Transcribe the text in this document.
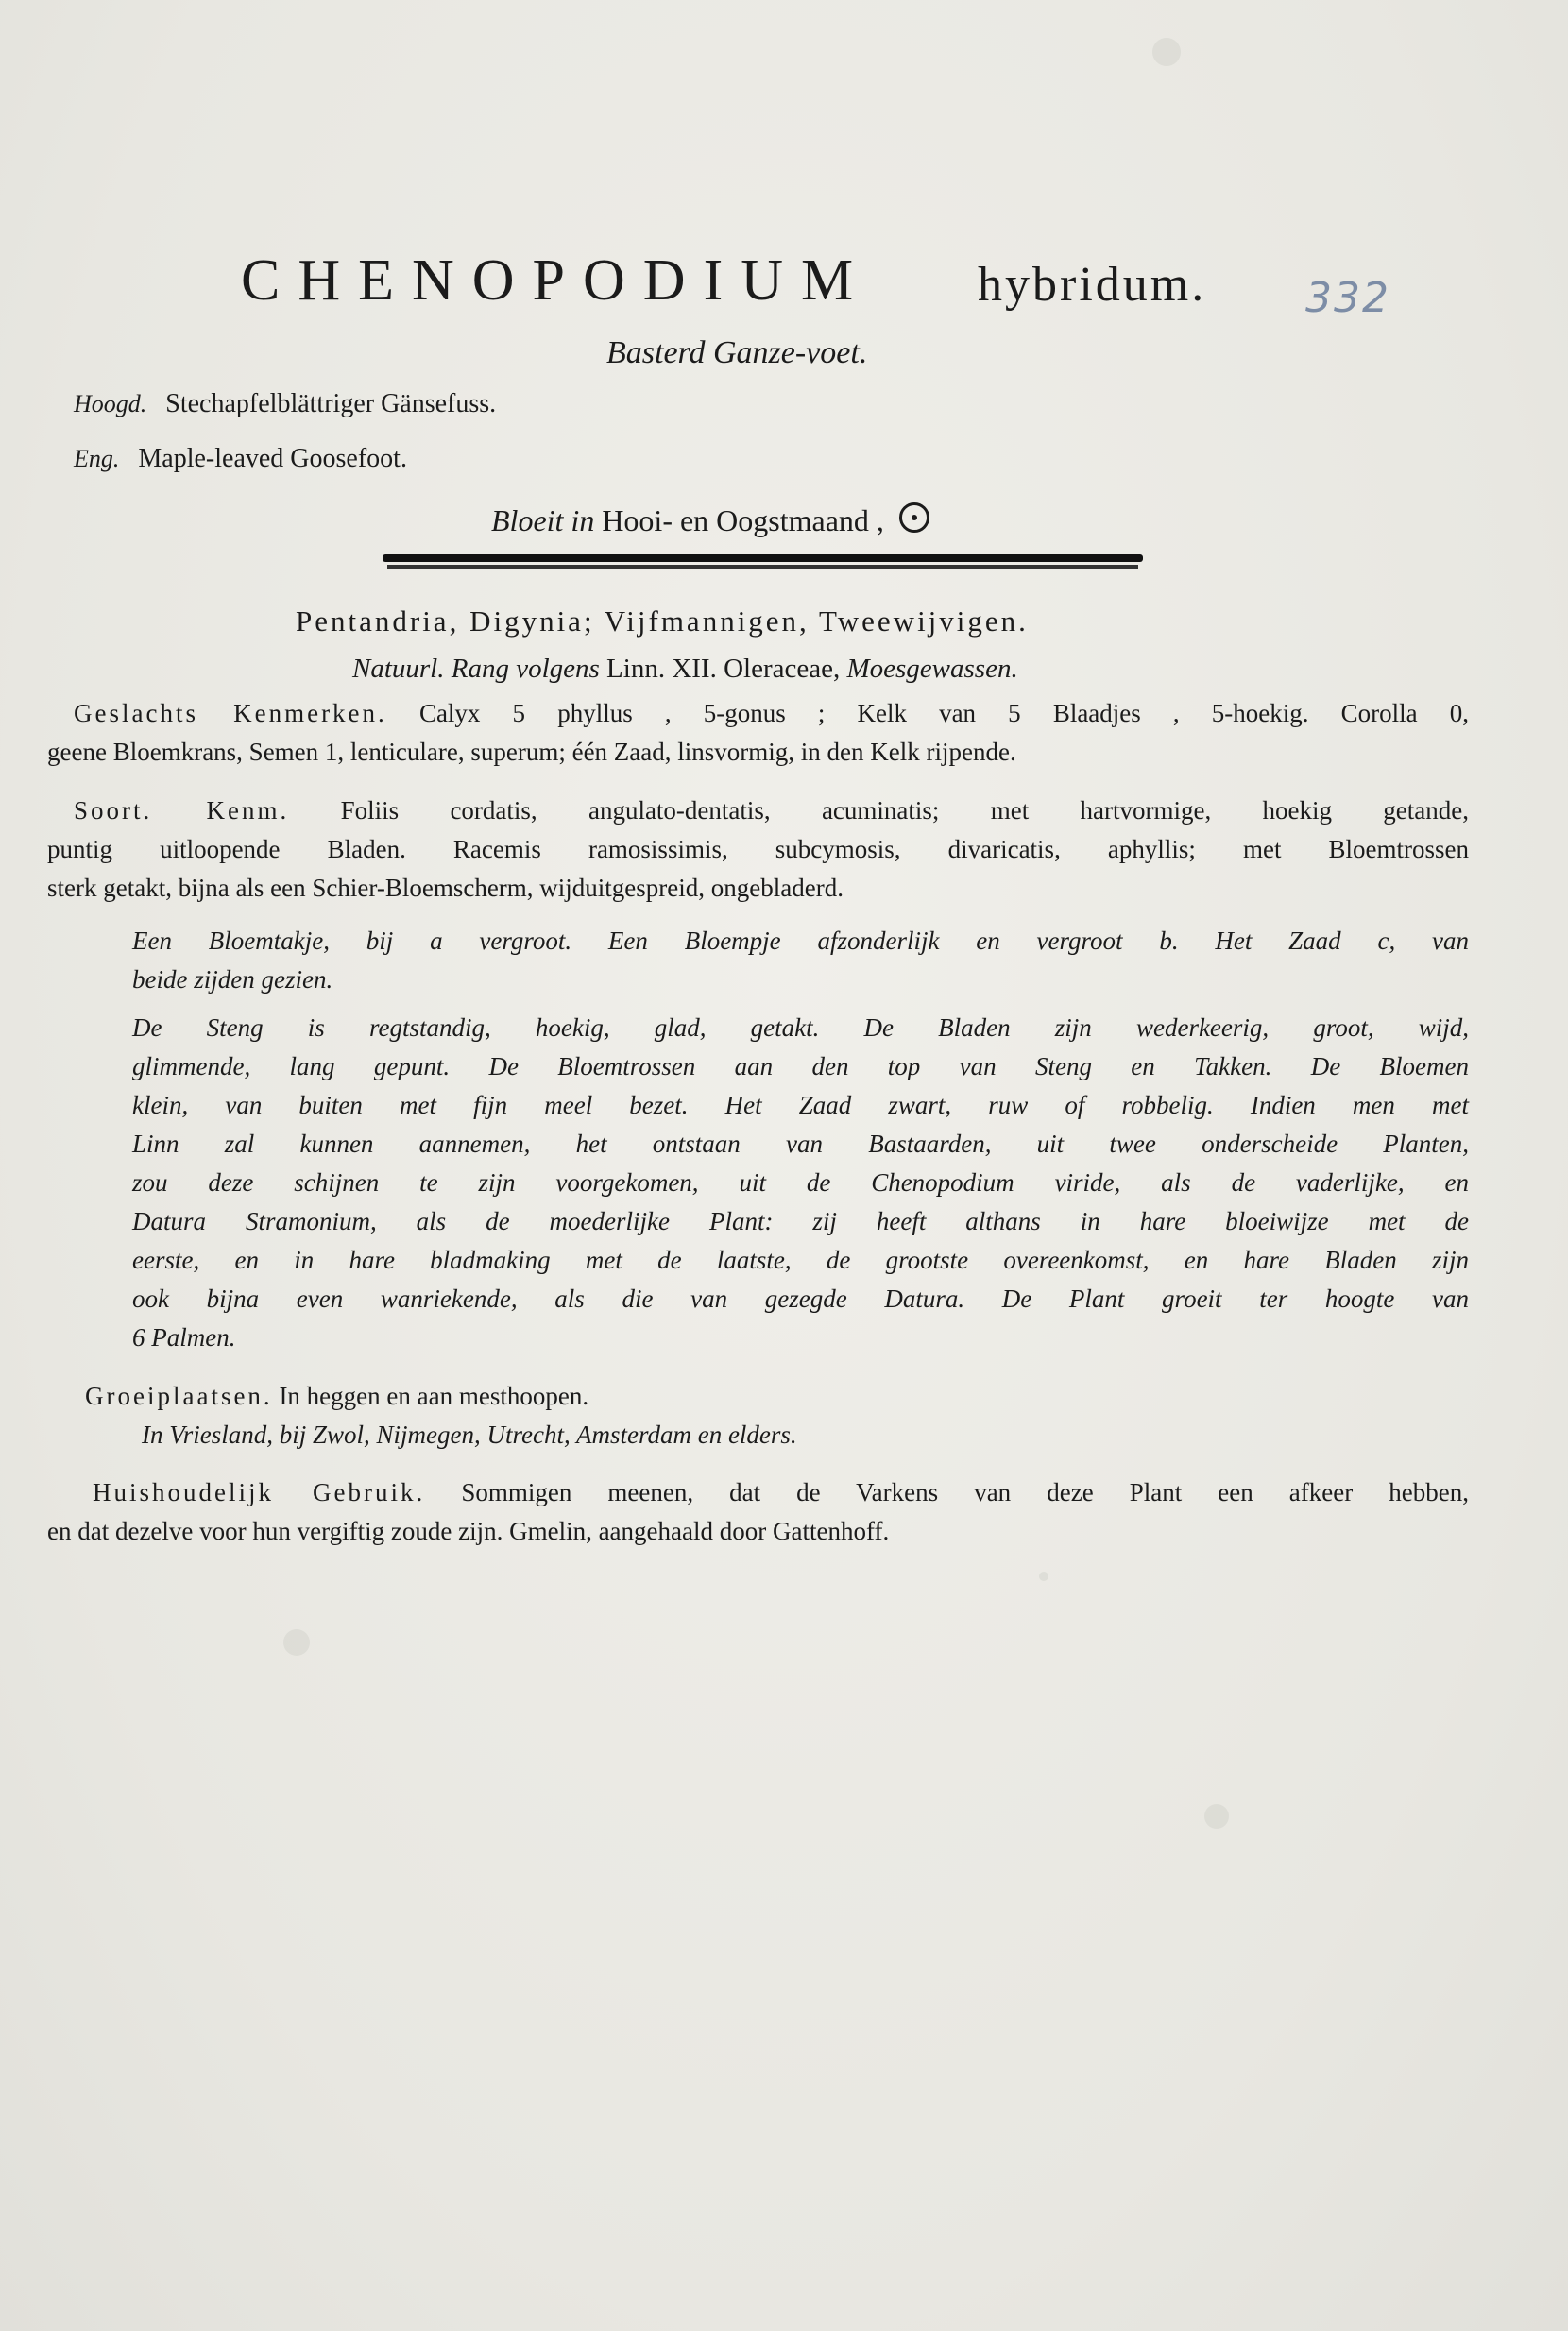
CHENOPODIUM hybridum. 332
Basterd Ganze-voet.
Hoogd. Stechapfelblättriger Gänsefuss.
Eng. Maple-leaved Goosefoot.
Bloeit in Hooi- en Oogstmaand ,
Pentandria, Digynia; Vijfmannigen, Tweewijvigen.
Natuurl. Rang volgens Linn. XII. Oleraceae, Moesgewassen.
Geslachts Kenmerken. Calyx 5 phyllus , 5-gonus ; Kelk van 5 Blaadjes , 5-hoekig. Corolla 0,
geene Bloemkrans, Semen 1, lenticulare, superum; één Zaad, linsvormig, in den Kelk rijpende.
Soort. Kenm. Foliis cordatis, angulato-dentatis, acuminatis; met hartvormige, hoekig getande,
puntig uitloopende Bladen. Racemis ramosissimis, subcymosis, divaricatis, aphyllis; met Bloemtrossen
sterk getakt, bijna als een Schier-Bloemscherm, wijduitgespreid, ongebladerd.
Een Bloemtakje, bij a vergroot. Een Bloempje afzonderlijk en vergroot b. Het Zaad c, van
beide zijden gezien.
De Steng is regtstandig, hoekig, glad, getakt. De Bladen zijn wederkeerig, groot, wijd,
glimmende, lang gepunt. De Bloemtrossen aan den top van Steng en Takken. De Bloemen
klein, van buiten met fijn meel bezet. Het Zaad zwart, ruw of robbelig. Indien men met
Linn zal kunnen aannemen, het ontstaan van Bastaarden, uit twee onderscheide Planten,
zou deze schijnen te zijn voorgekomen, uit de Chenopodium viride, als de vaderlijke, en
Datura Stramonium, als de moederlijke Plant: zij heeft althans in hare bloeiwijze met de
eerste, en in hare bladmaking met de laatste, de grootste overeenkomst, en hare Bladen zijn
ook bijna even wanriekende, als die van gezegde Datura. De Plant groeit ter hoogte van
6 Palmen.
Groeiplaatsen. In heggen en aan mesthoopen.
In Vriesland, bij Zwol, Nijmegen, Utrecht, Amsterdam en elders.
Huishoudelijk Gebruik. Sommigen meenen, dat de Varkens van deze Plant een afkeer hebben,
en dat dezelve voor hun vergiftig zoude zijn. Gmelin, aangehaald door Gattenhoff.
